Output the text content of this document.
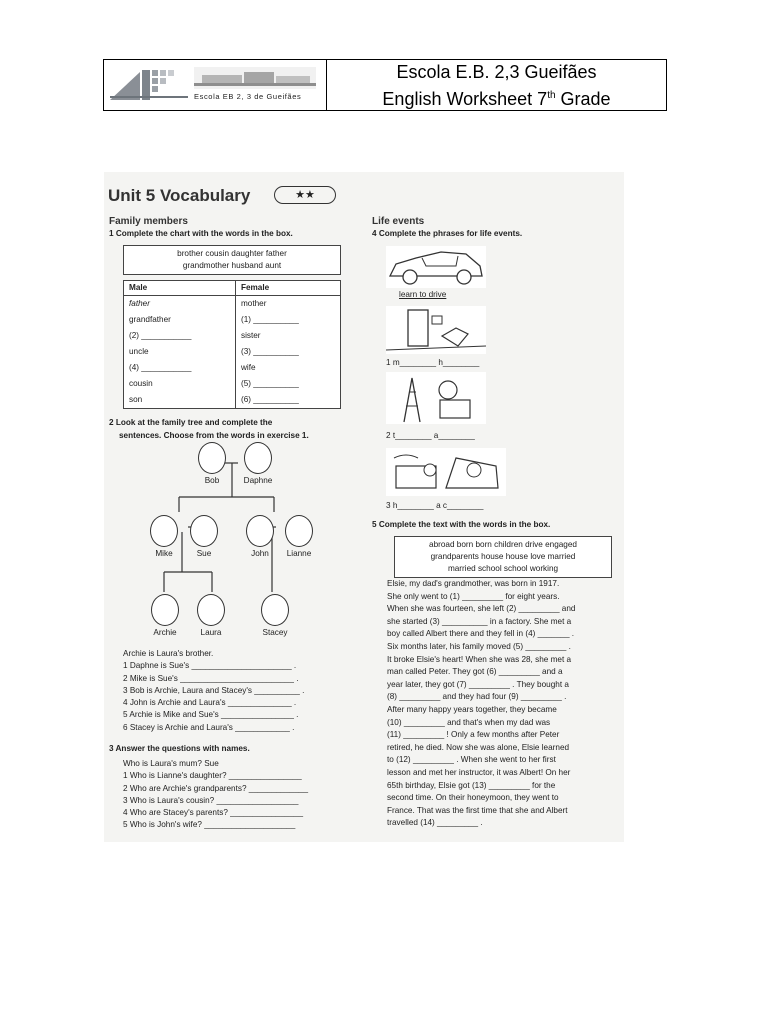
Escola EB 2, 3 de Gueifães
Escola E.B. 2,3 Gueifães
English Worksheet 7th Grade
Unit 5 Vocabulary	★★
Family members
1 Complete the chart with the words in the box.
brother cousin daughter father
grandmother husband aunt
Male	Female
father	mother
grandfather	(1) __________
(2) ___________	sister
uncle	(3) __________
(4) ___________	wife
cousin	(5) __________
son	(6) __________
2 Look at the family tree and complete the
sentences. Choose from the words in exercise 1.
Bob	Daphne
Mike	Sue	John	Lianne
Archie	Laura	Stacey
Archie is Laura's brother.
1 Daphne is Sue's ______________________ .
2 Mike is Sue's _________________________ .
3 Bob is Archie, Laura and Stacey's __________ .
4 John is Archie and Laura's ______________ .
5 Archie is Mike and Sue's ________________ .
6 Stacey is Archie and Laura's ____________ .
3 Answer the questions with names.
Who is Laura's mum? Sue
1 Who is Lianne's daughter? ________________
2 Who are Archie's grandparents? _____________
3 Who is Laura's cousin? __________________
4 Who are Stacey's parents? ________________
5 Who is John's wife? ____________________
Life events
4 Complete the phrases for life events.
learn to drive
1 m________ h________
2 t________ a________
3 h________ a c________
5 Complete the text with the words in the box.
abroad born born children drive engaged
grandparents house house love married
married school school working
Elsie, my dad's grandmother, was born in 1917.
She only went to (1) _________ for eight years.
When she was fourteen, she left (2) _________ and
she started (3) __________ in a factory. She met a
boy called Albert there and they fell in (4) _______ .
Six months later, his family moved (5) _________ .
It broke Elsie's heart! When she was 28, she met a
man called Peter. They got (6) _________ and a
year later, they got (7) _________ . They bought a
(8) _________ and they had four (9) _________ .
After many happy years together, they became
(10) _________ and that's when my dad was
(11) _________ ! Only a few months after Peter
retired, he died. Now she was alone, Elsie learned
to (12) _________ . When she went to her first
lesson and met her instructor, it was Albert! On her
65th birthday, Elsie got (13) _________ for the
second time. On their honeymoon, they went to
France. That was the first time that she and Albert
travelled (14) _________ .
